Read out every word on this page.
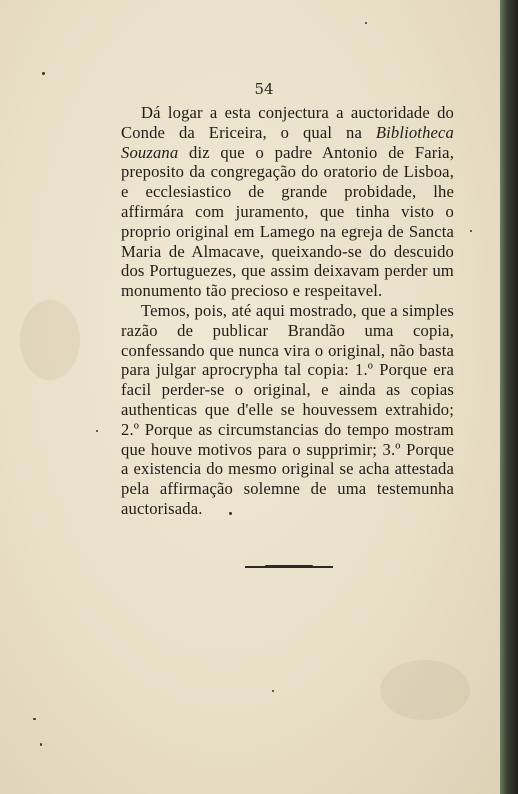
54

Dá logar a esta conjectura a auctoridade do Conde da Ericeira, o qual na Bibliotheca Souzana diz que o padre Antonio de Faria, preposito da congregação do oratorio de Lisboa, e ecclesiastico de grande probidade, lhe affirmára com juramento, que tinha visto o proprio original em Lamego na egreja de Sancta Maria de Almacave, queixando-se do descuido dos Portuguezes, que assim deixavam perder um monumento tão precioso e respeitavel.

Temos, pois, até aqui mostrado, que a simples razão de publicar Brandão uma copia, confessando que nunca vira o original, não basta para julgar aprocrypha tal copia: 1.º Porque era facil perder-se o original, e ainda as copias authenticas que d'elle se houvessem extrahido; 2.º Porque as circumstancias do tempo mostram que houve motivos para o supprimir; 3.º Porque a existencia do mesmo original se acha attestada pela affirmação solemne de uma testemunha auctorisada.
